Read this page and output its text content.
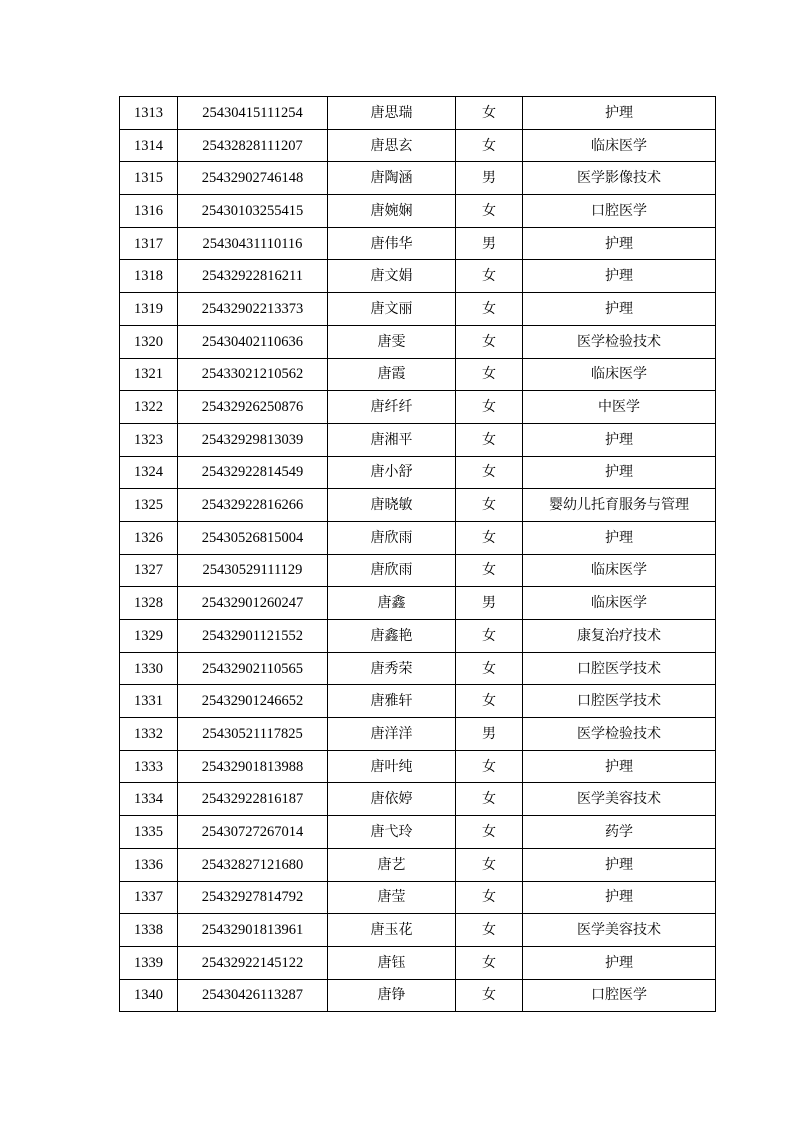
1313	25430415111254	唐思瑞	女	护理
1314	25432828111207	唐思玄	女	临床医学
1315	25432902746148	唐陶涵	男	医学影像技术
1316	25430103255415	唐婉娴	女	口腔医学
1317	25430431110116	唐伟华	男	护理
1318	25432922816211	唐文娟	女	护理
1319	25432902213373	唐文丽	女	护理
1320	25430402110636	唐雯	女	医学检验技术
1321	25433021210562	唐霞	女	临床医学
1322	25432926250876	唐纤纤	女	中医学
1323	25432929813039	唐湘平	女	护理
1324	25432922814549	唐小舒	女	护理
1325	25432922816266	唐晓敏	女	婴幼儿托育服务与管理
1326	25430526815004	唐欣雨	女	护理
1327	25430529111129	唐欣雨	女	临床医学
1328	25432901260247	唐鑫	男	临床医学
1329	25432901121552	唐鑫艳	女	康复治疗技术
1330	25432902110565	唐秀荣	女	口腔医学技术
1331	25432901246652	唐雅轩	女	口腔医学技术
1332	25430521117825	唐洋洋	男	医学检验技术
1333	25432901813988	唐叶纯	女	护理
1334	25432922816187	唐依婷	女	医学美容技术
1335	25430727267014	唐弋玲	女	药学
1336	25432827121680	唐艺	女	护理
1337	25432927814792	唐莹	女	护理
1338	25432901813961	唐玉花	女	医学美容技术
1339	25432922145122	唐钰	女	护理
1340	25430426113287	唐铮	女	口腔医学
